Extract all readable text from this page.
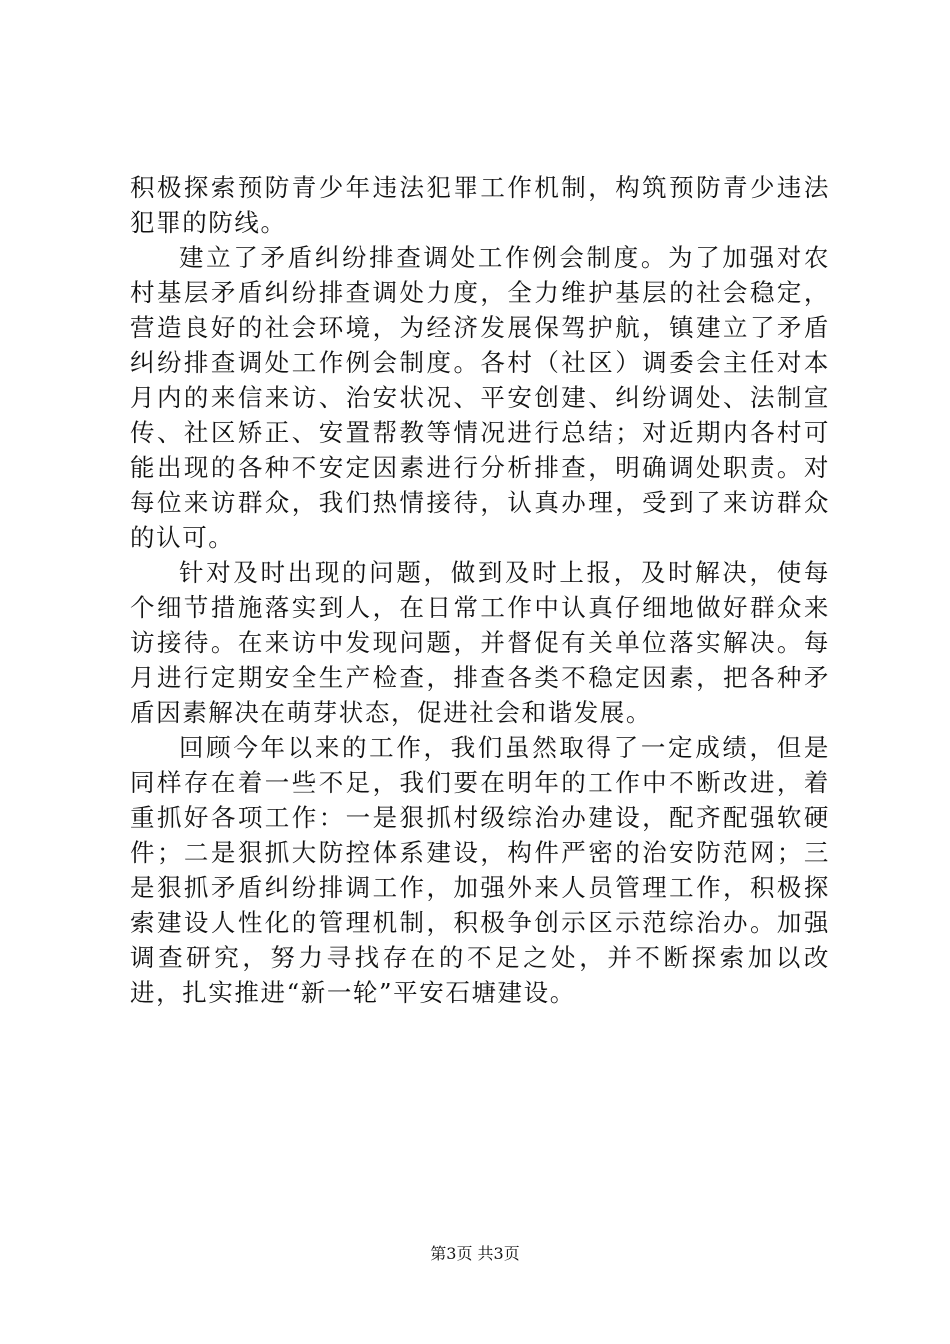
积极探索预防青少年违法犯罪工作机制，构筑预防青少违法犯罪的防线。

建立了矛盾纠纷排查调处工作例会制度。为了加强对农村基层矛盾纠纷排查调处力度，全力维护基层的社会稳定，营造良好的社会环境，为经济发展保驾护航，镇建立了矛盾纠纷排查调处工作例会制度。各村（社区）调委会主任对本月内的来信来访、治安状况、平安创建、纠纷调处、法制宣传、社区矫正、安置帮教等情况进行总结；对近期内各村可能出现的各种不安定因素进行分析排查，明确调处职责。对每位来访群众，我们热情接待，认真办理，受到了来访群众的认可。

针对及时出现的问题，做到及时上报，及时解决，使每个细节措施落实到人，在日常工作中认真仔细地做好群众来访接待。在来访中发现问题，并督促有关单位落实解决。每月进行定期安全生产检查，排查各类不稳定因素，把各种矛盾因素解决在萌芽状态，促进社会和谐发展。

回顾今年以来的工作，我们虽然取得了一定成绩，但是同样存在着一些不足，我们要在明年的工作中不断改进，着重抓好各项工作：一是狠抓村级综治办建设，配齐配强软硬件；二是狠抓大防控体系建设，构件严密的治安防范网；三是狠抓矛盾纠纷排调工作，加强外来人员管理工作，积极探索建设人性化的管理机制，积极争创示区示范综治办。加强调查研究，努力寻找存在的不足之处，并不断探索加以改进，扎实推进“新一轮”平安石塘建设。

第3页 共3页
